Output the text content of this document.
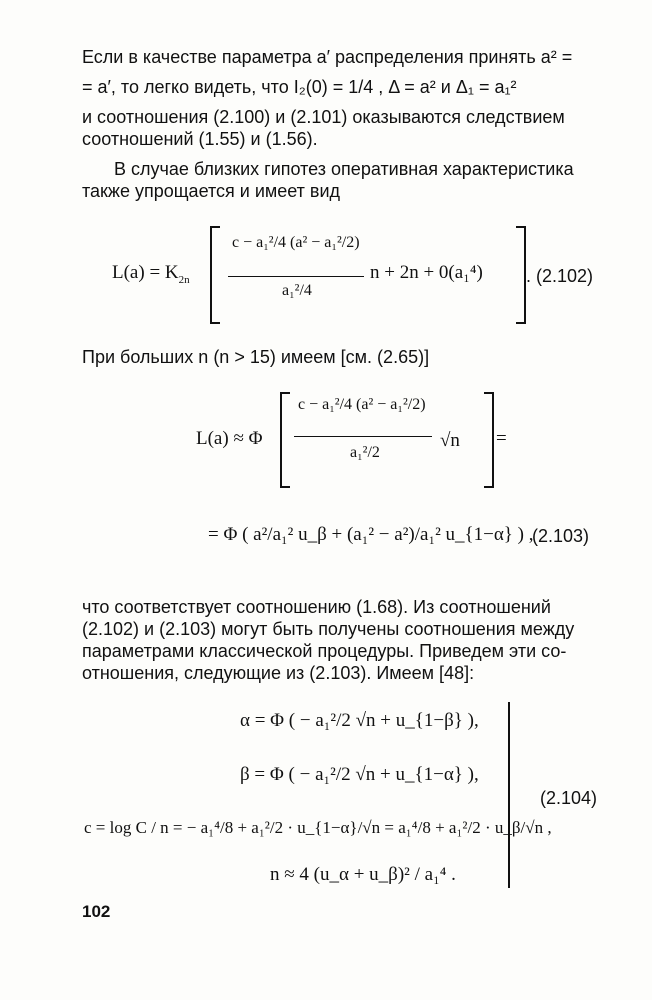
Если в качестве параметра a′ распределения принять a² =
= a′, то легко видеть, что I₂(0) = 1/4 , Δ = a² и Δ₁ = a₁²
и соотношения (2.100) и (2.101) оказываются следствием
соотношений (1.55) и (1.56).
В случае близких гипотез оперативная характеристика
также упрощается и имеет вид
$L(a) = K_{2n}$
c − a₁²/4 (a² − a₁²/2)
a₁²/4
n + 2n + 0(a₁⁴) . (2.102)
При больших n (n > 15) имеем [см. (2.65)]
L(a) ≈ Φ
c − a₁²/4 (a² − a₁²/2)
a₁²/2
√n =
= Φ ( a²/a₁² u_β + (a₁² − a²)/a₁² u_{1−α} ) ,
(2.103)
что соответствует соотношению (1.68). Из соотношений
(2.102) и (2.103) могут быть получены соотношения между
параметрами классической процедуры. Приведем эти со-
отношения, следующие из (2.103). Имеем [48]:
α = Φ ( − a₁²/2 √n + u_{1−β} ),
β = Φ ( − a₁²/2 √n + u_{1−α} ),
c = log C / n = − a₁⁴/8 + a₁²/2 · u_{1−α}/√n = a₁⁴/8 + a₁²/2 · u_β/√n ,
n ≈ 4 (u_α + u_β)² / a₁⁴ .
(2.104)
102
